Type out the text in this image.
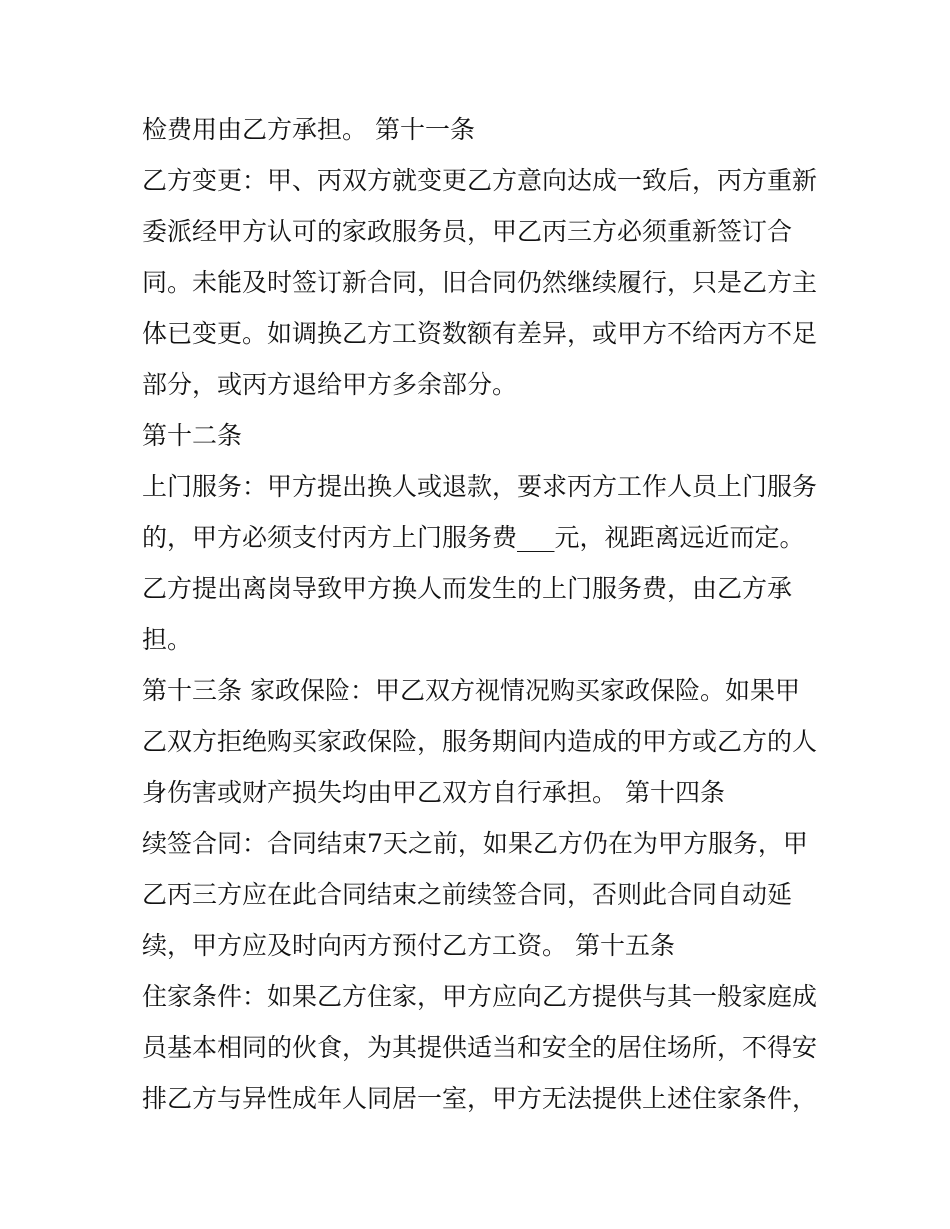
检费用由乙方承担。 第十一条
乙方变更：甲、丙双方就变更乙方意向达成一致后，丙方重新
委派经甲方认可的家政服务员，甲乙丙三方必须重新签订合
同。未能及时签订新合同，旧合同仍然继续履行，只是乙方主
体已变更。如调换乙方工资数额有差异，或甲方不给丙方不足
部分，或丙方退给甲方多余部分。
第十二条
上门服务：甲方提出换人或退款，要求丙方工作人员上门服务
的，甲方必须支付丙方上门服务费___元，视距离远近而定。
乙方提出离岗导致甲方换人而发生的上门服务费，由乙方承
担。
第十三条 家政保险：甲乙双方视情况购买家政保险。如果甲
乙双方拒绝购买家政保险，服务期间内造成的甲方或乙方的人
身伤害或财产损失均由甲乙双方自行承担。 第十四条
续签合同：合同结束7天之前，如果乙方仍在为甲方服务，甲
乙丙三方应在此合同结束之前续签合同，否则此合同自动延
续，甲方应及时向丙方预付乙方工资。 第十五条
住家条件：如果乙方住家，甲方应向乙方提供与其一般家庭成
员基本相同的伙食，为其提供适当和安全的居住场所，不得安
排乙方与异性成年人同居一室，甲方无法提供上述住家条件，
